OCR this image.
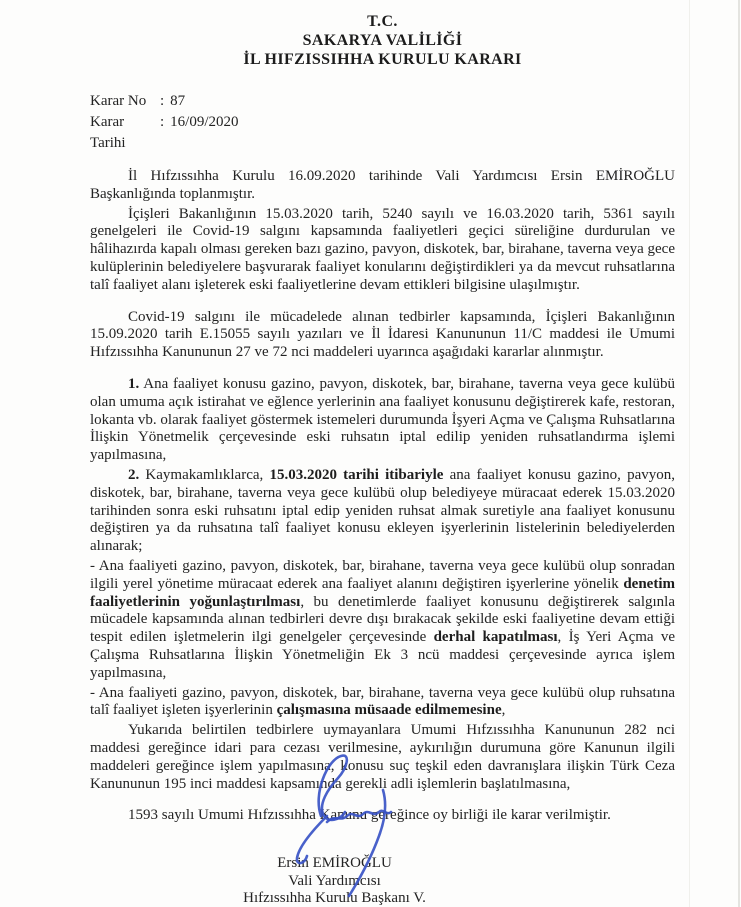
T.C.
SAKARYA VALİLİĞİ
İL HIFZISSIHHA KURULU KARARI
Karar No : 87
Karar Tarihi
: 16/09/2020

İl Hıfzıssıhha Kurulu 16.09.2020 tarihinde Vali Yardımcısı Ersin EMİROĞLU Başkanlığında toplanmıştır.

İçişleri Bakanlığının 15.03.2020 tarih, 5240 sayılı ve 16.03.2020 tarih, 5361 sayılı genelgeleri ile Covid-19 salgını kapsamında faaliyetleri geçici süreliğine durdurulan ve hâlihazırda kapalı olması gereken bazı gazino, pavyon, diskotek, bar, birahane, taverna veya gece kulüplerinin belediyelere başvurarak faaliyet konularını değiştirdikleri ya da mevcut ruhsatlarına talî faaliyet alanı işleterek eski faaliyetlerine devam ettikleri bilgisine ulaşılmıştır.

Covid-19 salgını ile mücadelede alınan tedbirler kapsamında, İçişleri Bakanlığının 15.09.2020 tarih E.15055 sayılı yazıları ve İl İdaresi Kanununun 11/C maddesi ile Umumi Hıfzıssıhha Kanununun 27 ve 72 nci maddeleri uyarınca aşağıdaki kararlar alınmıştır.

1. Ana faaliyet konusu gazino, pavyon, diskotek, bar, birahane, taverna veya gece kulübü olan umuma açık istirahat ve eğlence yerlerinin ana faaliyet konusunu değiştirerek kafe, restoran, lokanta vb. olarak faaliyet göstermek istemeleri durumunda İşyeri Açma ve Çalışma Ruhsatlarına İlişkin Yönetmelik çerçevesinde eski ruhsatın iptal edilip yeniden ruhsatlandırma işlemi yapılmasına,

2. Kaymakamlıklarca, 15.03.2020 tarihi itibariyle ana faaliyet konusu gazino, pavyon, diskotek, bar, birahane, taverna veya gece kulübü olup belediyeye müracaat ederek 15.03.2020 tarihinden sonra eski ruhsatını iptal edip yeniden ruhsat almak suretiyle ana faaliyet konusunu değiştiren ya da ruhsatına talî faaliyet konusu ekleyen işyerlerinin listelerinin belediyelerden alınarak;

- Ana faaliyeti gazino, pavyon, diskotek, bar, birahane, taverna veya gece kulübü olup sonradan ilgili yerel yönetime müracaat ederek ana faaliyet alanını değiştiren işyerlerine yönelik denetim faaliyetlerinin yoğunlaştırılması, bu denetimlerde faaliyet konusunu değiştirerek salgınla mücadele kapsamında alınan tedbirleri devre dışı bırakacak şekilde eski faaliyetine devam ettiği tespit edilen işletmelerin ilgi genelgeler çerçevesinde derhal kapatılması, İş Yeri Açma ve Çalışma Ruhsatlarına İlişkin Yönetmeliğin Ek 3 ncü maddesi çerçevesinde ayrıca işlem yapılmasına,

- Ana faaliyeti gazino, pavyon, diskotek, bar, birahane, taverna veya gece kulübü olup ruhsatına talî faaliyet işleten işyerlerinin çalışmasına müsaade edilmemesine,

Yukarıda belirtilen tedbirlere uymayanlara Umumi Hıfzıssıhha Kanununun 282 nci maddesi gereğince idari para cezası verilmesine, aykırılığın durumuna göre Kanunun ilgili maddeleri gereğince işlem yapılmasına, konusu suç teşkil eden davranışlara ilişkin Türk Ceza Kanununun 195 inci maddesi kapsamında gerekli adli işlemlerin başlatılmasına,

1593 sayılı Umumi Hıfzıssıhha Kanunu gereğince oy birliği ile karar verilmiştir.

Ersin EMİROĞLU
Vali Yardımcısı
Hıfzıssıhha Kurulu Başkanı V.
